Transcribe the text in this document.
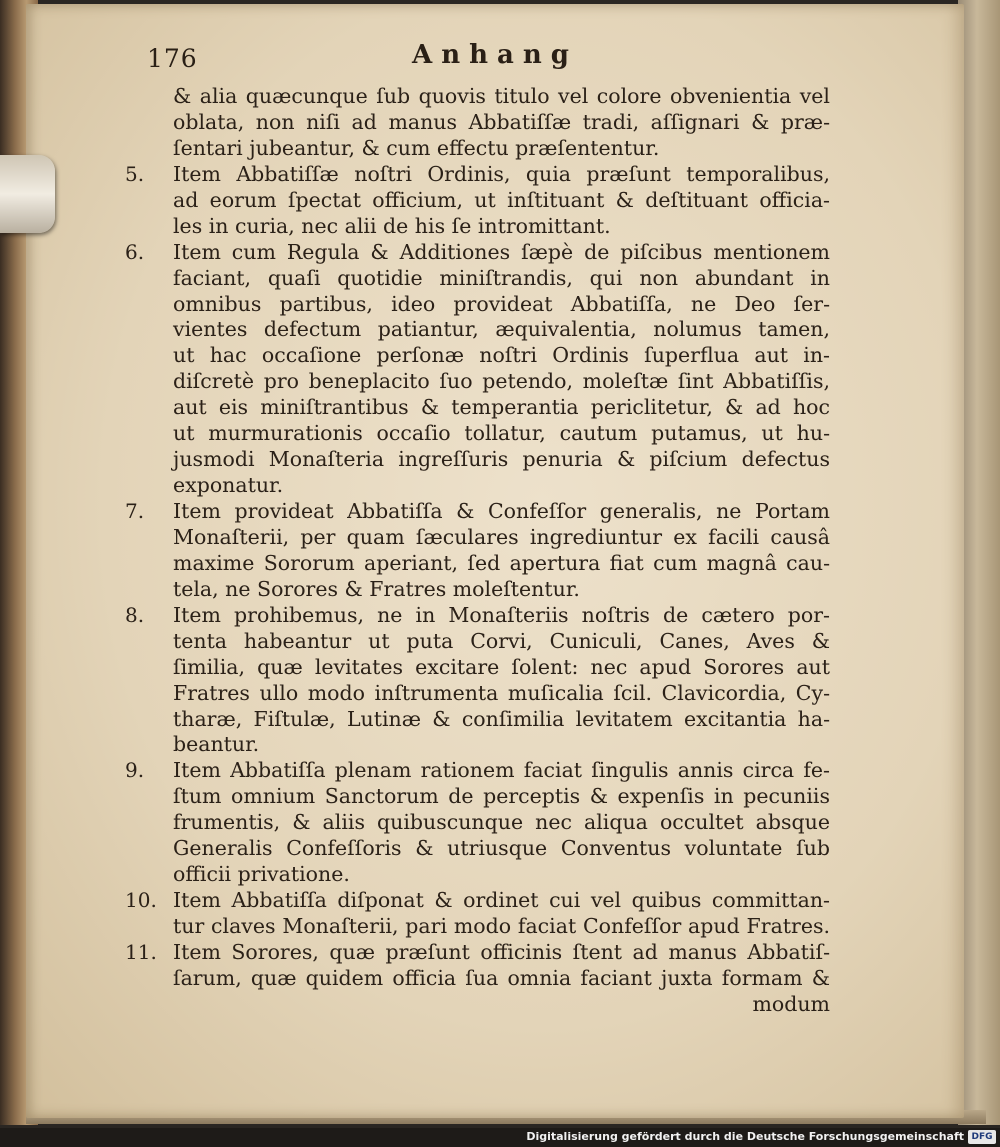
176	Anhang
& alia quæcunque ſub quovis titulo vel colore obvenientia vel
oblata, non niſi ad manus Abbatiſſæ tradi, aſſignari & præ-
ſentari jubeantur, & cum effectu præſententur.
5. Item Abbatiſſæ noſtri Ordinis, quia præſunt temporalibus,
ad eorum ſpectat officium, ut inſtituant & deſtituant officia-
les in curia, nec alii de his ſe intromittant.
6. Item cum Regula & Additiones ſæpè de piſcibus mentionem
faciant, quaſi quotidie miniſtrandis, qui non abundant in
omnibus partibus, ideo provideat Abbatiſſa, ne Deo ſer-
vientes defectum patiantur, æquivalentia, nolumus tamen,
ut hac occaſione perſonæ noſtri Ordinis ſuperflua aut in-
diſcretè pro beneplacito ſuo petendo, moleſtæ ſint Abbatiſſis,
aut eis miniſtrantibus & temperantia periclitetur, & ad hoc
ut murmurationis occaſio tollatur, cautum putamus, ut hu-
jusmodi Monaſteria ingreſſuris penuria & piſcium defectus
exponatur.
7. Item provideat Abbatiſſa & Confeſſor generalis, ne Portam
Monaſterii, per quam ſæculares ingrediuntur ex facili causâ
maxime Sororum aperiant, ſed apertura fiat cum magnâ cau-
tela, ne Sorores & Fratres moleſtentur.
8. Item prohibemus, ne in Monaſteriis noſtris de cætero por-
tenta habeantur ut puta Corvi, Cuniculi, Canes, Aves &
ſimilia, quæ levitates excitare ſolent: nec apud Sorores aut
Fratres ullo modo inſtrumenta muſicalia ſcil. Clavicordia, Cy-
tharæ, Fiſtulæ, Lutinæ & conſimilia levitatem excitantia ha-
beantur.
9. Item Abbatiſſa plenam rationem faciat ſingulis annis circa fe-
ſtum omnium Sanctorum de perceptis & expenſis in pecuniis
frumentis, & aliis quibuscunque nec aliqua occultet absque
Generalis Confeſſoris & utriusque Conventus voluntate ſub
officii privatione.
10. Item Abbatiſſa diſponat & ordinet cui vel quibus committan-
tur claves Monaſterii, pari modo faciat Confeſſor apud Fratres.
11. Item Sorores, quæ præſunt officinis ſtent ad manus Abbatiſ-
ſarum, quæ quidem officia ſua omnia faciant juxta formam &
modum
Digitalisierung gefördert durch die Deutsche Forschungsgemeinschaft DFG
